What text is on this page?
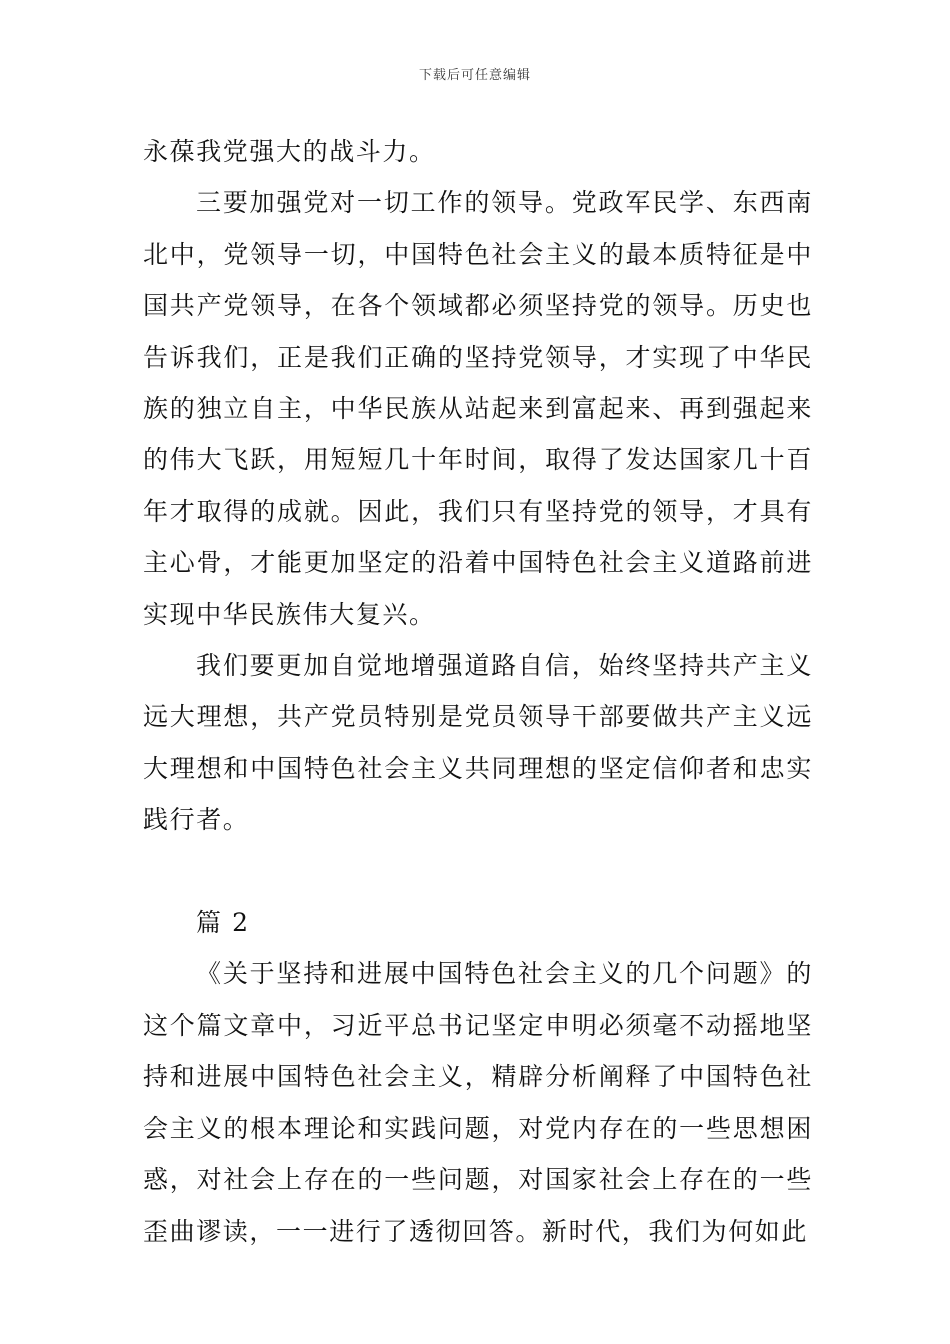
下载后可任意编辑

永葆我党强大的战斗力。

三要加强党对一切工作的领导。党政军民学、东西南北中，党领导一切，中国特色社会主义的最本质特征是中国共产党领导，在各个领域都必须坚持党的领导。历史也告诉我们，正是我们正确的坚持党领导，才实现了中华民族的独立自主，中华民族从站起来到富起来、再到强起来的伟大飞跃，用短短几十年时间，取得了发达国家几十百年才取得的成就。因此，我们只有坚持党的领导，才具有主心骨，才能更加坚定的沿着中国特色社会主义道路前进实现中华民族伟大复兴。

我们要更加自觉地增强道路自信，始终坚持共产主义远大理想，共产党员特别是党员领导干部要做共产主义远大理想和中国特色社会主义共同理想的坚定信仰者和忠实践行者。

篇 2

《关于坚持和进展中国特色社会主义的几个问题》的这个篇文章中，习近平总书记坚定申明必须毫不动摇地坚持和进展中国特色社会主义，精辟分析阐释了中国特色社会主义的根本理论和实践问题，对党内存在的一些思想困惑，对社会上存在的一些问题，对国家社会上存在的一些歪曲谬读，一一进行了透彻回答。新时代，我们为何如此
